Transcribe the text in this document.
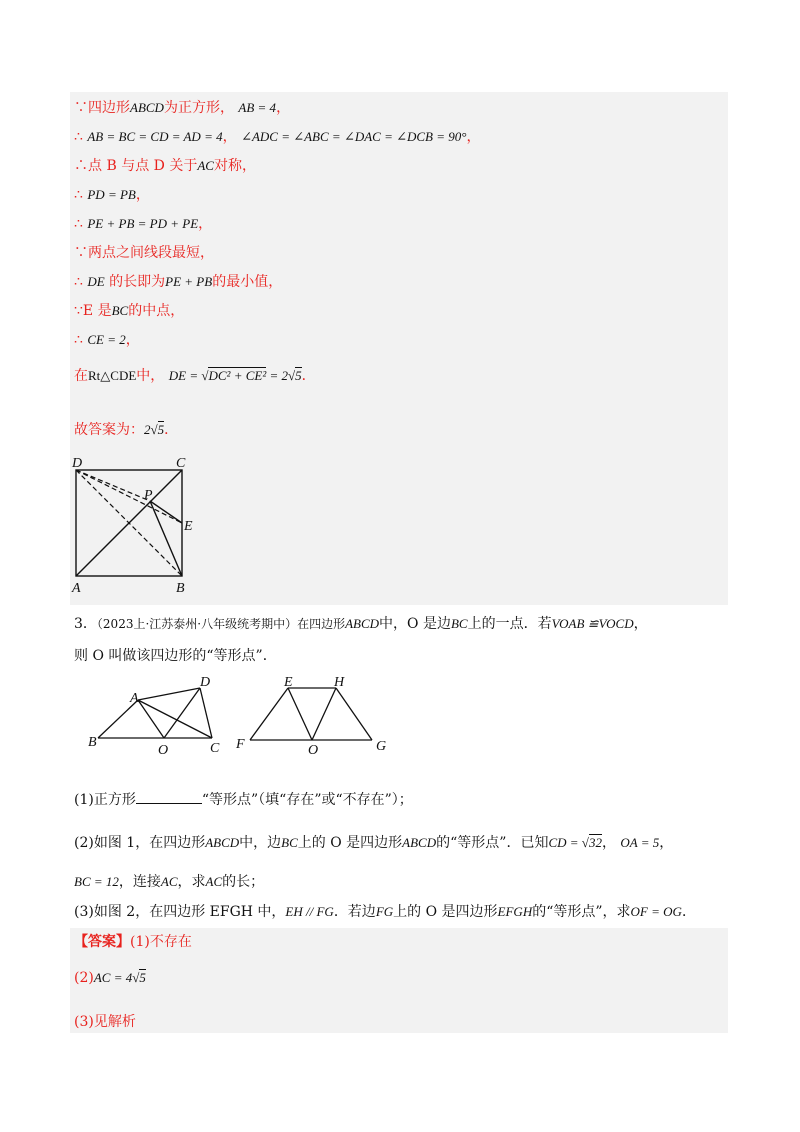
∵四边形ABCD为正方形， AB = 4，
∴ AB = BC = CD = AD = 4， ∠ADC = ∠ABC = ∠DAC = ∠DCB = 90°，
∴点 B 与点 D 关于AC对称，
∴ PD = PB，
∴ PE + PB = PD + PE，
∵两点之间线段最短，
∴ DE 的长即为PE + PB的最小值，
∵E 是BC的中点，
∴ CE = 2，
在Rt△CDE中， DE = √DC² + CE² = 2√5．
故答案为：2√5．
D	C
P
E
A	B
3．（2023上·江苏泰州·八年级统考期中）在四边形ABCD中，O 是边BC上的一点．若VOAB ≌VOCD，
则 O 叫做该四边形的“等形点”．
A
D
B
O	C
E	H
F	O	G
(1)正方形	“等形点”（填“存在”或“不存在”）；
(2)如图 1，在四边形ABCD中，边BC上的 O 是四边形ABCD的“等形点”．已知CD = √32， OA = 5，
BC = 12，连接AC，求AC的长；
(3)如图 2，在四边形 EFGH 中，EH // FG．若边FG上的 O 是四边形EFGH的“等形点”，求OF = OG．
【答案】(1)不存在
(2)AC = 4√5
(3)见解析
